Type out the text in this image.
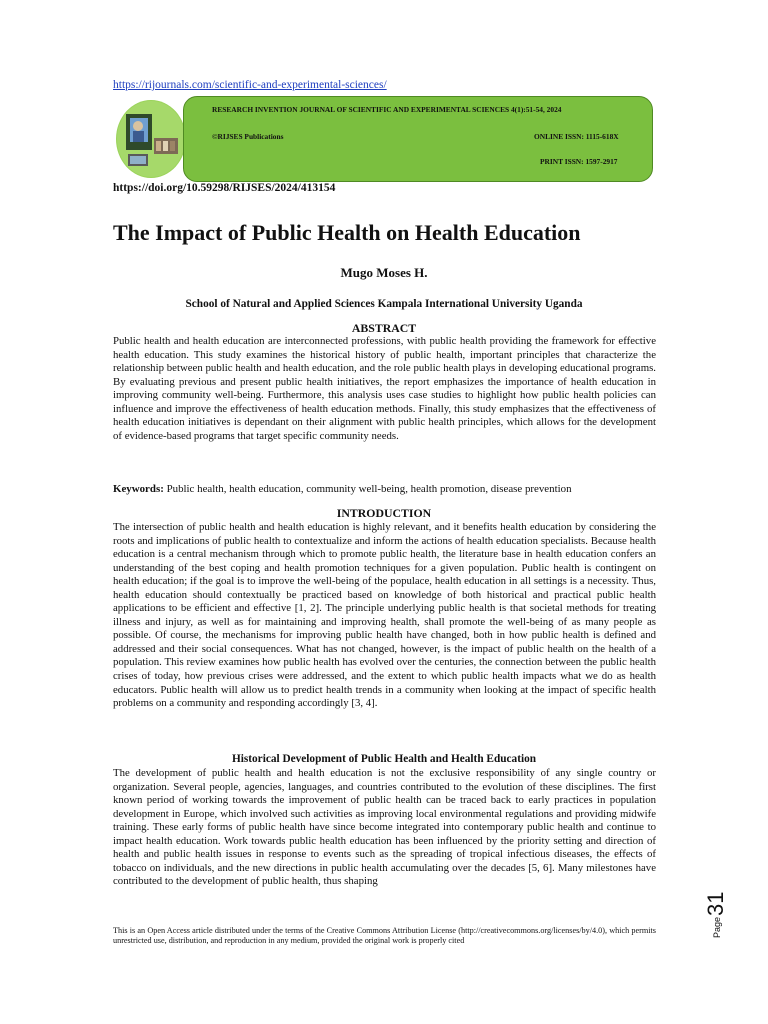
https://rijournals.com/scientific-and-experimental-sciences/
RESEARCH INVENTION JOURNAL OF SCIENTIFIC AND EXPERIMENTAL SCIENCES 4(1):51-54, 2024
©RIJSES Publications	ONLINE ISSN: 1115-618X
PRINT ISSN: 1597-2917
https://doi.org/10.59298/RIJSES/2024/413154
The Impact of Public Health on Health Education
Mugo Moses H.
School of Natural and Applied Sciences Kampala International University Uganda
ABSTRACT

Public health and health education are interconnected professions, with public health providing the framework for effective health education. This study examines the historical history of public health, important principles that characterize the relationship between public health and health education, and the role public health plays in developing educational programs. By evaluating previous and present public health initiatives, the report emphasizes the importance of health education in improving community well-being. Furthermore, this analysis uses case studies to highlight how public health policies can influence and improve the effectiveness of health education methods. Finally, this study emphasizes that the effectiveness of health education initiatives is dependant on their alignment with public health principles, which allows for the development of evidence-based programs that target specific community needs.

Keywords: Public health, health education, community well-being, health promotion, disease prevention
INTRODUCTION

The intersection of public health and health education is highly relevant, and it benefits health education by considering the roots and implications of public health to contextualize and inform the actions of health education specialists. Because health education is a central mechanism through which to promote public health, the literature base in health education confers an understanding of the best coping and health promotion techniques for a given population. Public health is contingent on health education; if the goal is to improve the well-being of the populace, health education in all settings is a necessity. Thus, health education should contextually be practiced based on knowledge of both historical and practical public health applications to be efficient and effective [1, 2]. The principle underlying public health is that societal methods for treating illness and injury, as well as for maintaining and improving health, shall promote the well-being of as many people as possible. Of course, the mechanisms for improving public health have changed, both in how public health is defined and addressed and their social consequences. What has not changed, however, is the impact of public health on the health of a population. This review examines how public health has evolved over the centuries, the connection between the public health crises of today, how previous crises were addressed, and the extent to which public health impacts what we do as health educators. Public health will allow us to predict health trends in a community when looking at the impact of specific health problems on a community and responding accordingly [3, 4].

Historical Development of Public Health and Health Education

The development of public health and health education is not the exclusive responsibility of any single country or organization. Several people, agencies, languages, and countries contributed to the evolution of these disciplines. The first known period of working towards the improvement of public health can be traced back to early practices in population development in Europe, which involved such activities as improving local environmental regulations and providing midwife training. These early forms of public health have since become integrated into contemporary public health and continue to impact health education. Work towards public health education has been influenced by the priority setting and direction of health and public health issues in response to events such as the spreading of tropical infectious diseases, the effects of tobacco on individuals, and the new directions in public health accumulating over the decades [5, 6]. Many milestones have contributed to the development of public health, thus shaping

This is an Open Access article distributed under the terms of the Creative Commons Attribution License (http://creativecommons.org/licenses/by/4.0), which permits unrestricted use, distribution, and reproduction in any medium, provided the original work is properly cited

Page
31
